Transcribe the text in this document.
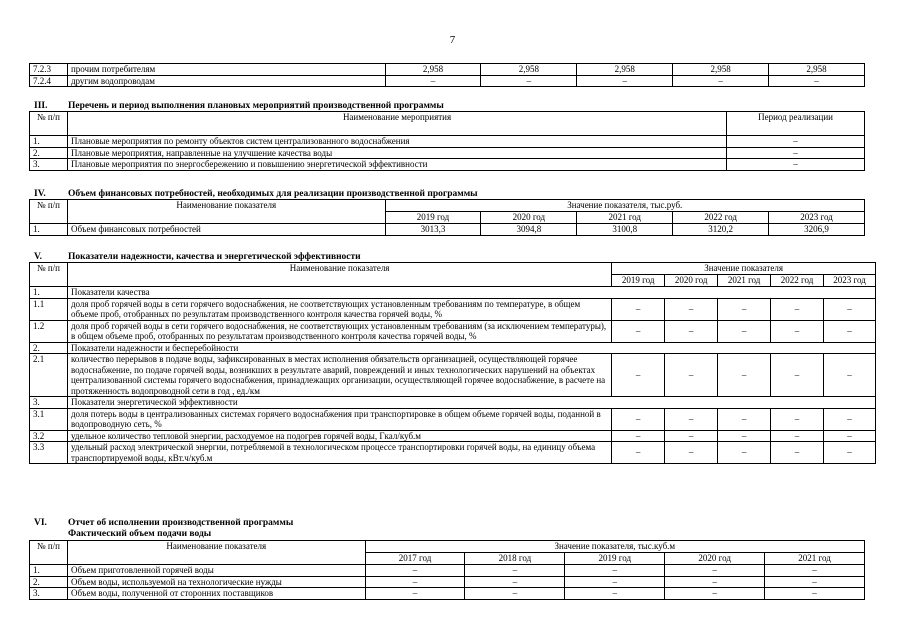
7
7.2.3	прочим потребителям	2,958	2,958	2,958	2,958	2,958
7.2.4	другим водопроводам	–	–	–	–	–
III. Перечень и период выполнения плановых мероприятий производственной программы
№ п/п	Наименование мероприятия	Период реализации
1.	Плановые мероприятия по ремонту объектов систем централизованного водоснабжения	–
2.	Плановые мероприятия, направленные на улучшение качества воды	–
3.	Плановые мероприятия по энергосбережению и повышению энергетической эффективности	–
IV. Объем финансовых потребностей, необходимых для реализации производственной программы
№ п/п	Наименование показателя	Значение показателя, тыс.руб.				
		2019 год	2020 год	2021 год	2022 год	2023 год
1.	Объем финансовых потребностей	3013,3	3094,8	3100,8	3120,2	3206,9
V.	Показатели надежности, качества и энергетической эффективности
№ п/п	Наименование показателя	Значение показателя				
		2019 год	2020 год	2021 год	2022 год	2023 год
1.	Показатели качества					
1.1	доля проб горячей воды в сети горячего водоснабжения, не соответствующих установленным требованиям по температуре, в общем объеме проб, отобранных по результатам производственного контроля качества горячей воды, %	–	–	–	–	–
1.2	доля проб горячей воды в сети горячего водоснабжения, не соответствующих установленным требованиям (за исключением температуры), в общем объеме проб, отобранных по результатам производственного контроля качества горячей воды, %	–	–	–	–	–
2.	Показатели надежности и бесперебойности					
2.1	количество перерывов в подаче воды, зафиксированных в местах исполнения обязательств организацией, осуществляющей горячее водоснабжение, по подаче горячей воды, возникших в результате аварий, повреждений и иных технологических нарушений на объектах централизованной системы горячего водоснабжения, принадлежащих организации, осуществляющей горячее водоснабжение, в расчете на протяженность водопроводной сети в год , ед./км	–	–	–	–	–
3.	Показатели энергетической эффективности					
3.1	доля потерь воды в централизованных системах горячего водоснабжения при транспортировке в общем объеме горячей воды, поданной в водопроводную сеть, %	–	–	–	–	–
3.2	удельное количество тепловой энергии, расходуемое на подогрев горячей воды, Гкал/куб.м	–	–	–	–	–
3.3	удельный расход электрической энергии, потребляемой в технологическом процессе транспортировки горячей воды, на единицу объема транспортируемой воды, кВт.ч/куб.м	–	–	–	–	–
VI. Отчет об исполнении производственной программы
Фактический объем подачи воды
№ п/п	Наименование показателя	Значение показателя, тыс.куб.м				
		2017 год	2018 год	2019 год	2020 год	2021 год
1.	Объем приготовленной горячей воды	–	–	–	–	–
2.	Объем воды, используемой на технологические нужды	–	–	–	–	–
3.	Объем воды, полученной от сторонних поставщиков	–	–	–	–	–
